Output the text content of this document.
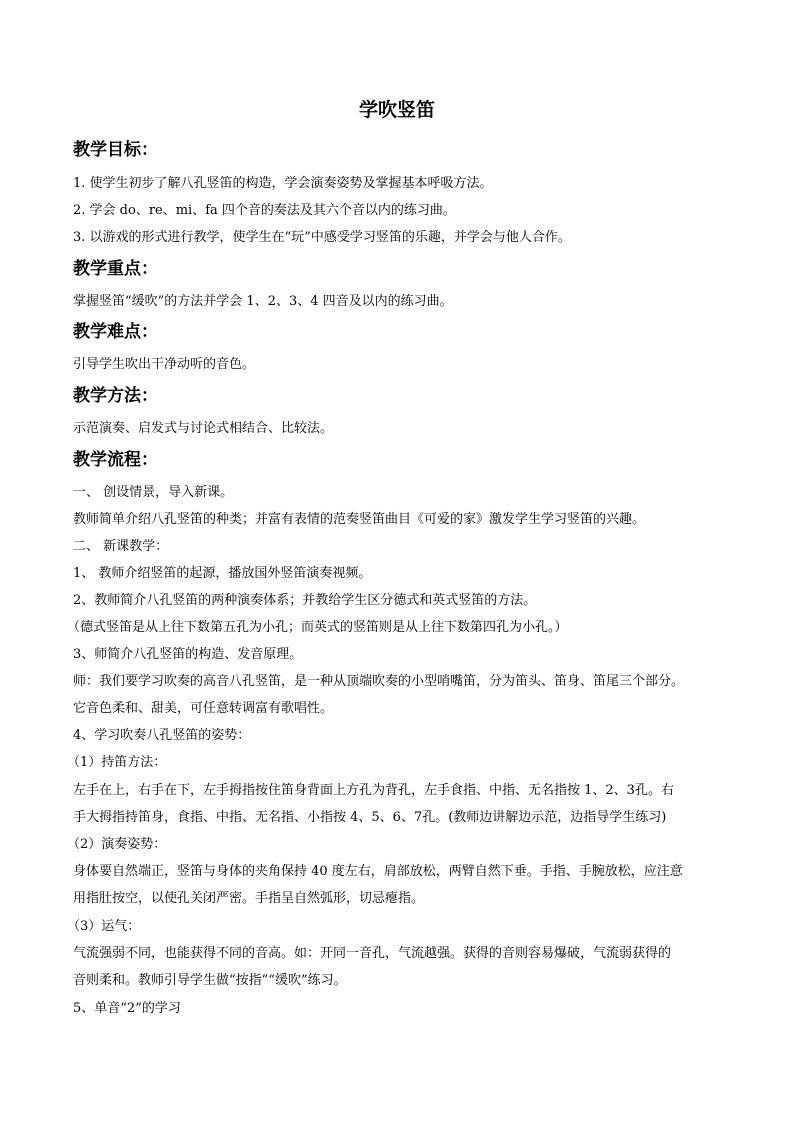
学吹竖笛
教学目标：

1. 使学生初步了解八孔竖笛的构造，学会演奏姿势及掌握基本呼吸方法。

2. 学会 do、re、mi、fa 四个音的奏法及其六个音以内的练习曲。

3. 以游戏的形式进行教学，使学生在“玩”中感受学习竖笛的乐趣，并学会与他人合作。

教学重点：

掌握竖笛“缓吹”的方法并学会 1、2、3、4 四音及以内的练习曲。

教学难点：

引导学生吹出干净动听的音色。

教学方法：

示范演奏、启发式与讨论式相结合、比较法。

教学流程：

一、 创设情景，导入新课。

教师简单介绍八孔竖笛的种类；并富有表情的范奏竖笛曲目《可爱的家》激发学生学习竖笛的兴趣。

二、 新课教学：

1、 教师介绍竖笛的起源，播放国外竖笛演奏视频。

2、教师简介八孔竖笛的两种演奏体系；并教给学生区分德式和英式竖笛的方法。

（德式竖笛是从上往下数第五孔为小孔；而英式的竖笛则是从上往下数第四孔为小孔。）

3、师简介八孔竖笛的构造、发音原理。

师：我们要学习吹奏的高音八孔竖笛，是一种从顶端吹奏的小型哨嘴笛，分为笛头、笛身、笛尾三个部分。

它音色柔和、甜美，可任意转调富有歌唱性。

4、学习吹奏八孔竖笛的姿势：

（1）持笛方法：

左手在上，右手在下，左手拇指按住笛身背面上方孔为背孔，左手食指、中指、无名指按 1、2、3孔。右

手大拇指持笛身，食指、中指、无名指、小指按 4、5、6、7孔。(教师边讲解边示范，边指导学生练习)

（2）演奏姿势：

身体要自然端正，竖笛与身体的夹角保持 40 度左右，肩部放松，两臂自然下垂。手指、手腕放松，应注意

用指肚按空，以使孔关闭严密。手指呈自然弧形，切忌瘪指。

（3）运气：

气流强弱不同，也能获得不同的音高。如：开同一音孔，气流越强。获得的音则容易爆破，气流弱获得的

音则柔和。教师引导学生做“按指”“缓吹”练习。

5、单音“2”的学习
